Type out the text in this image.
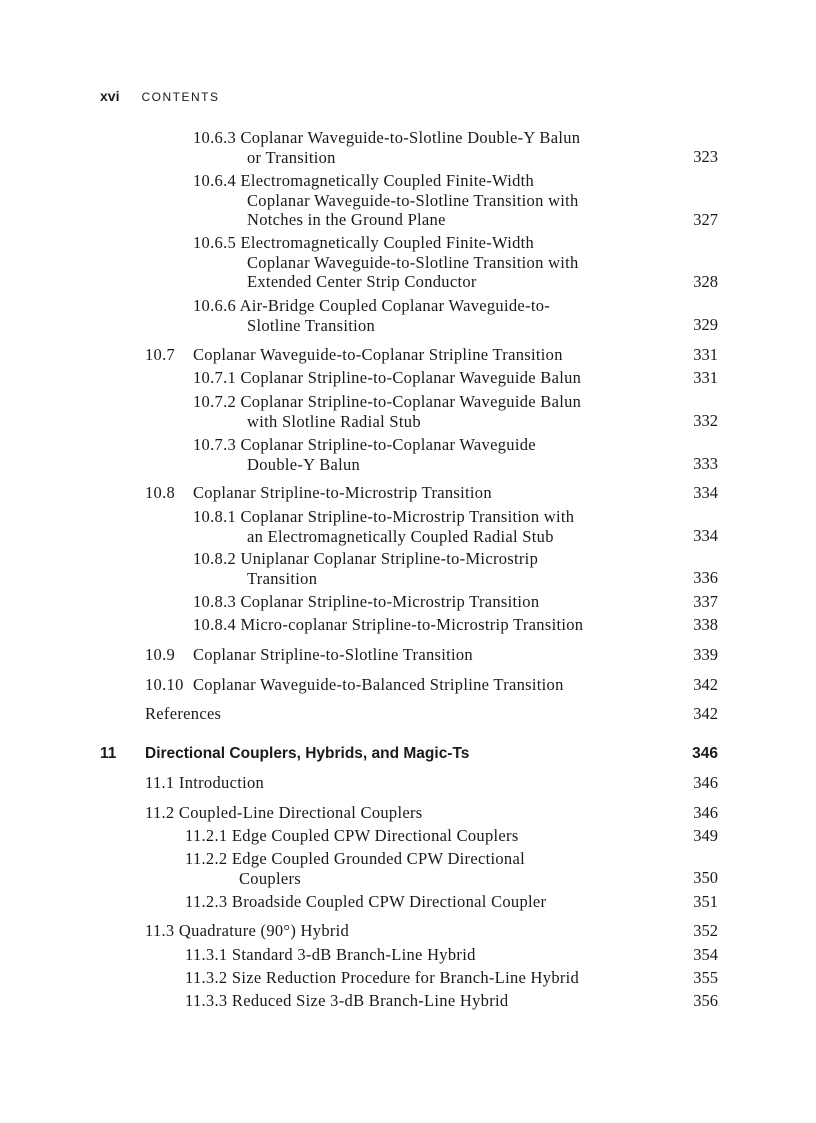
xvi CONTENTS
10.6.3 Coplanar Waveguide-to-Slotline Double-Y Balun
or Transition	323
10.6.4 Electromagnetically Coupled Finite-Width
Coplanar Waveguide-to-Slotline Transition with
Notches in the Ground Plane	327
10.6.5 Electromagnetically Coupled Finite-Width
Coplanar Waveguide-to-Slotline Transition with
Extended Center Strip Conductor	328
10.6.6 Air-Bridge Coupled Coplanar Waveguide-to-
Slotline Transition	329
10.7 Coplanar Waveguide-to-Coplanar Stripline Transition	331
10.7.1 Coplanar Stripline-to-Coplanar Waveguide Balun	331
10.7.2 Coplanar Stripline-to-Coplanar Waveguide Balun
with Slotline Radial Stub	332
10.7.3 Coplanar Stripline-to-Coplanar Waveguide
Double-Y Balun	333
10.8 Coplanar Stripline-to-Microstrip Transition	334
10.8.1 Coplanar Stripline-to-Microstrip Transition with
an Electromagnetically Coupled Radial Stub	334
10.8.2 Uniplanar Coplanar Stripline-to-Microstrip
Transition	336
10.8.3 Coplanar Stripline-to-Microstrip Transition	337
10.8.4 Micro-coplanar Stripline-to-Microstrip Transition	338
10.9 Coplanar Stripline-to-Slotline Transition	339
10.10 Coplanar Waveguide-to-Balanced Stripline Transition	342
References	342
11 Directional Couplers, Hybrids, and Magic-Ts	346
11.1 Introduction	346
11.2 Coupled-Line Directional Couplers	346
11.2.1 Edge Coupled CPW Directional Couplers	349
11.2.2 Edge Coupled Grounded CPW Directional
Couplers	350
11.2.3 Broadside Coupled CPW Directional Coupler	351
11.3 Quadrature (90°) Hybrid	352
11.3.1 Standard 3-dB Branch-Line Hybrid	354
11.3.2 Size Reduction Procedure for Branch-Line Hybrid	355
11.3.3 Reduced Size 3-dB Branch-Line Hybrid	356
